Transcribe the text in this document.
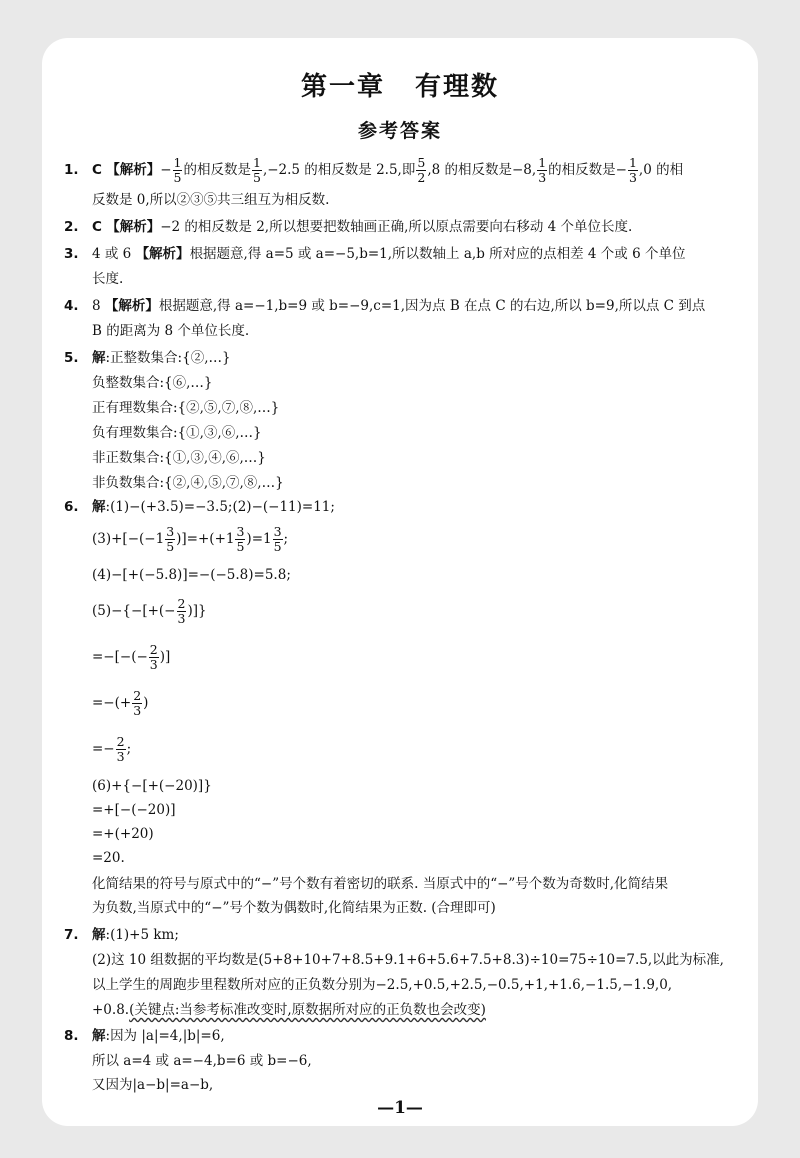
第一章 有理数
参考答案
1. C 【解析】− $\frac{1}{5}$ 的相反数是 $\frac{1}{5} ,-2.5$ 的相反数是 2.5,即 $\frac{5}{2} ,8$ 的相反数是−8, $\frac{1}{3}$ 的相反数是− $\frac{1}{3} ,0$ 的相
反数是 0,所以②③⑤共三组互为相反数.
2. C 【解析】−2 的相反数是 2,所以想要把数轴画正确,所以原点需要向右移动 4 个单位长度.
3. 4 或 6 【解析】根据题意,得 a=5 或 a=−5,b=1,所以数轴上 a,b 所对应的点相差 4 个或 6 个单位
长度.
4. 8 【解析】根据题意,得 a=−1,b=9 或 b=−9,c=1,因为点 B 在点 C 的右边,所以 b=9,所以点 C 到点
B 的距离为 8 个单位长度.
5. 解:正整数集合:{②,…}
负整数集合:{⑥,…}
正有理数集合:{②,⑤,⑦,⑧,…}
负有理数集合:{①,③,⑥,…}
非正数集合:{①,③,④,⑥,…}
非负数集合:{②,④,⑤,⑦,⑧,…}
6. 解:(1)−(+3.5)=−3.5;(2)−(−11)=11;
$(3)+[-(-1 \frac{3}{5} )]=+(+1 \frac{3}{5} )=1 \frac{3}{5}$ ;
(4)−[+(−5.8)]=−(−5.8)=5.8;
$(5)-\{-[+(- \frac{2}{3}$ )]}
=−[−(− $\frac{2}{3}$ )]
=−(+ $\frac{2}{3}$ )
=− $\frac{2}{3}$ ;
(6)+{−[+(−20)]}
=+[−(−20)]
=+(+20)
=20.
化简结果的符号与原式中的“−”号个数有着密切的联系. 当原式中的“−”号个数为奇数时,化简结果
为负数,当原式中的“−”号个数为偶数时,化简结果为正数. (合理即可)
7. 解:(1)+5 km;
(2)这 10 组数据的平均数是(5+8+10+7+8.5+9.1+6+5.6+7.5+8.3)÷10=75÷10=7.5,以此为标准,
以上学生的周跑步里程数所对应的正负数分别为−2.5,+0.5,+2.5,−0.5,+1,+1.6,−1.5,−1.9,0,
+0.8.(关键点:当参考标准改变时,原数据所对应的正负数也会改变)
8. 解:因为 |a|=4,|b|=6,
所以 a=4 或 a=−4,b=6 或 b=−6,
又因为|a−b|=a−b,
—1—
